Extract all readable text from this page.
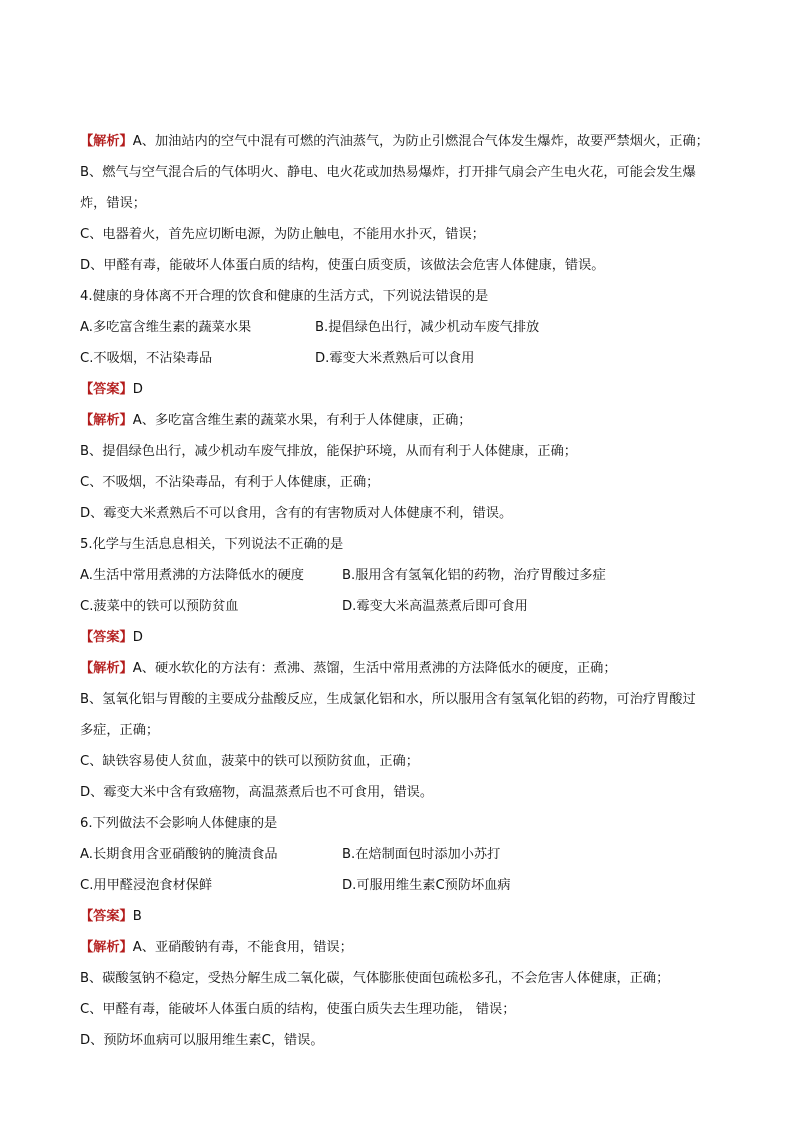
【解析】A、加油站内的空气中混有可燃的汽油蒸气，为防止引燃混合气体发生爆炸，故要严禁烟火，正确；
B、燃气与空气混合后的气体明火、静电、电火花或加热易爆炸，打开排气扇会产生电火花，可能会发生爆
炸，错误；
C、电器着火，首先应切断电源，为防止触电，不能用水扑灭，错误；
D、甲醛有毒，能破坏人体蛋白质的结构，使蛋白质变质，该做法会危害人体健康，错误。
4.健康的身体离不开合理的饮食和健康的生活方式，下列说法错误的是
A.多吃富含维生素的蔬菜水果	B.提倡绿色出行，减少机动车废气排放
C.不吸烟，不沾染毒品	D.霉变大米煮熟后可以食用
【答案】D
【解析】A、多吃富含维生素的蔬菜水果，有利于人体健康，正确；
B、提倡绿色出行，减少机动车废气排放，能保护环境，从而有利于人体健康，正确；
C、不吸烟，不沾染毒品，有利于人体健康，正确；
D、霉变大米煮熟后不可以食用，含有的有害物质对人体健康不利，错误。
5.化学与生活息息相关，下列说法不正确的是
A.生活中常用煮沸的方法降低水的硬度	B.服用含有氢氧化铝的药物，治疗胃酸过多症
C.菠菜中的铁可以预防贫血	D.霉变大米高温蒸煮后即可食用
【答案】D
【解析】A、硬水软化的方法有：煮沸、蒸馏，生活中常用煮沸的方法降低水的硬度，正确；
B、氢氧化铝与胃酸的主要成分盐酸反应，生成氯化铝和水，所以服用含有氢氧化铝的药物，可治疗胃酸过
多症，正确；
C、缺铁容易使人贫血，菠菜中的铁可以预防贫血，正确；
D、霉变大米中含有致癌物，高温蒸煮后也不可食用，错误。
6.下列做法不会影响人体健康的是
A.长期食用含亚硝酸钠的腌渍食品	B.在焙制面包时添加小苏打
C.用甲醛浸泡食材保鲜	D.可服用维生素C预防坏血病
【答案】B
【解析】A、亚硝酸钠有毒，不能食用，错误；
B、碳酸氢钠不稳定，受热分解生成二氧化碳，气体膨胀使面包疏松多孔，不会危害人体健康，正确；
C、甲醛有毒，能破坏人体蛋白质的结构，使蛋白质失去生理功能， 错误；
D、预防坏血病可以服用维生素C，错误。
